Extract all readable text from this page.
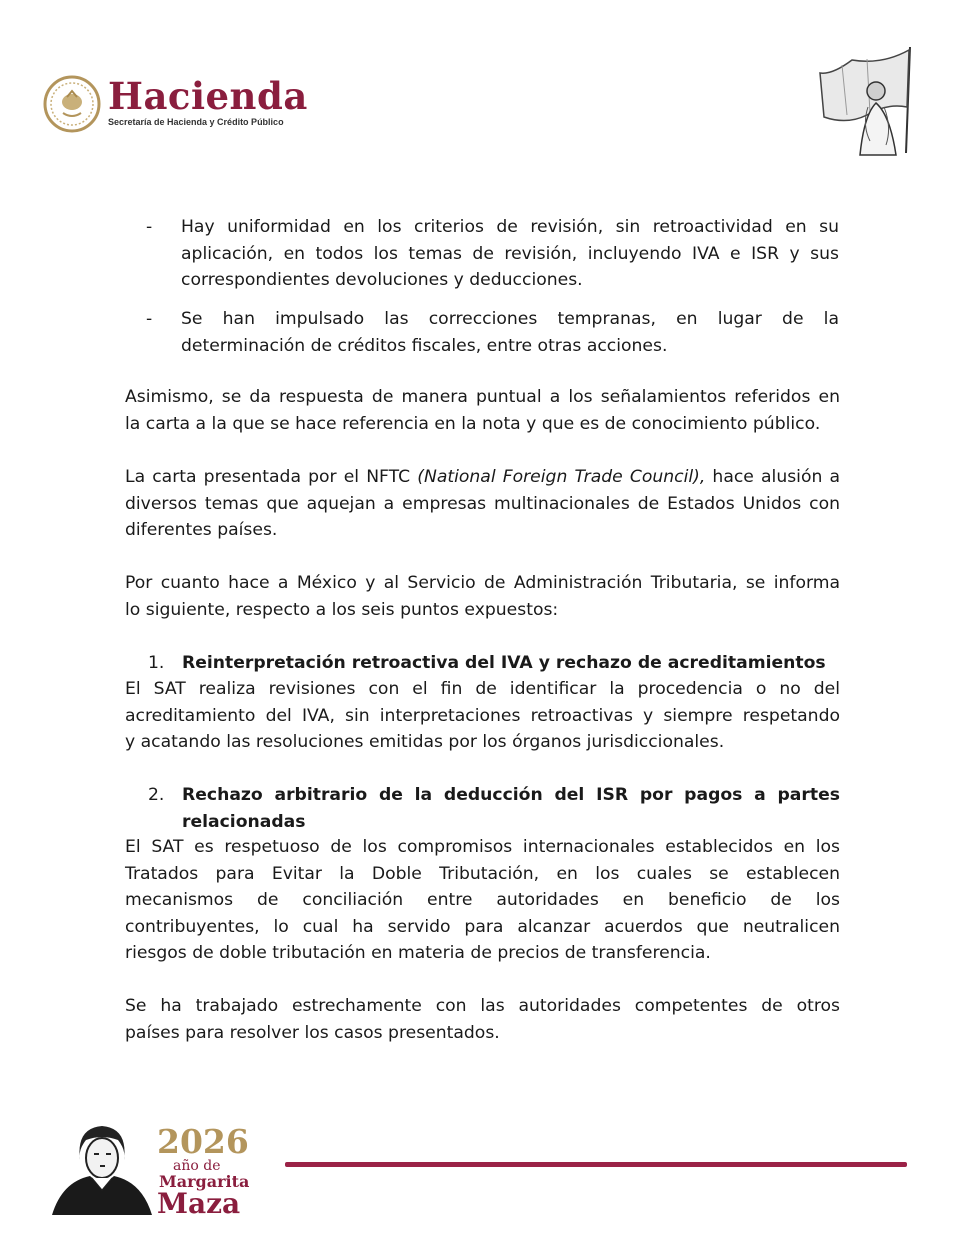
Hacienda
Secretaría de Hacienda y Crédito Público
-	Hay uniformidad en los criterios de revisión, sin retroactividad en su
aplicación, en todos los temas de revisión, incluyendo IVA e ISR y sus
correspondientes devoluciones y deducciones.
-	Se han impulsado las correcciones tempranas, en lugar de la
determinación de créditos fiscales, entre otras acciones.
Asimismo, se da respuesta de manera puntual a los señalamientos referidos en
la carta a la que se hace referencia en la nota y que es de conocimiento público.
La carta presentada por el NFTC (National Foreign Trade Council), hace alusión a
diversos temas que aquejan a empresas multinacionales de Estados Unidos con
diferentes países.
Por cuanto hace a México y al Servicio de Administración Tributaria, se informa
lo siguiente, respecto a los seis puntos expuestos:
1. Reinterpretación retroactiva del IVA y rechazo de acreditamientos
El SAT realiza revisiones con el fin de identificar la procedencia o no del
acreditamiento del IVA, sin interpretaciones retroactivas y siempre respetando
y acatando las resoluciones emitidas por los órganos jurisdiccionales.
2. Rechazo arbitrario de la deducción del ISR por pagos a partes
relacionadas
El SAT es respetuoso de los compromisos internacionales establecidos en los
Tratados para Evitar la Doble Tributación, en los cuales se establecen
mecanismos de conciliación entre autoridades en beneficio de los
contribuyentes, lo cual ha servido para alcanzar acuerdos que neutralicen
riesgos de doble tributación en materia de precios de transferencia.
Se ha trabajado estrechamente con las autoridades competentes de otros
países para resolver los casos presentados.
2026
año de
Margarita
Maza
